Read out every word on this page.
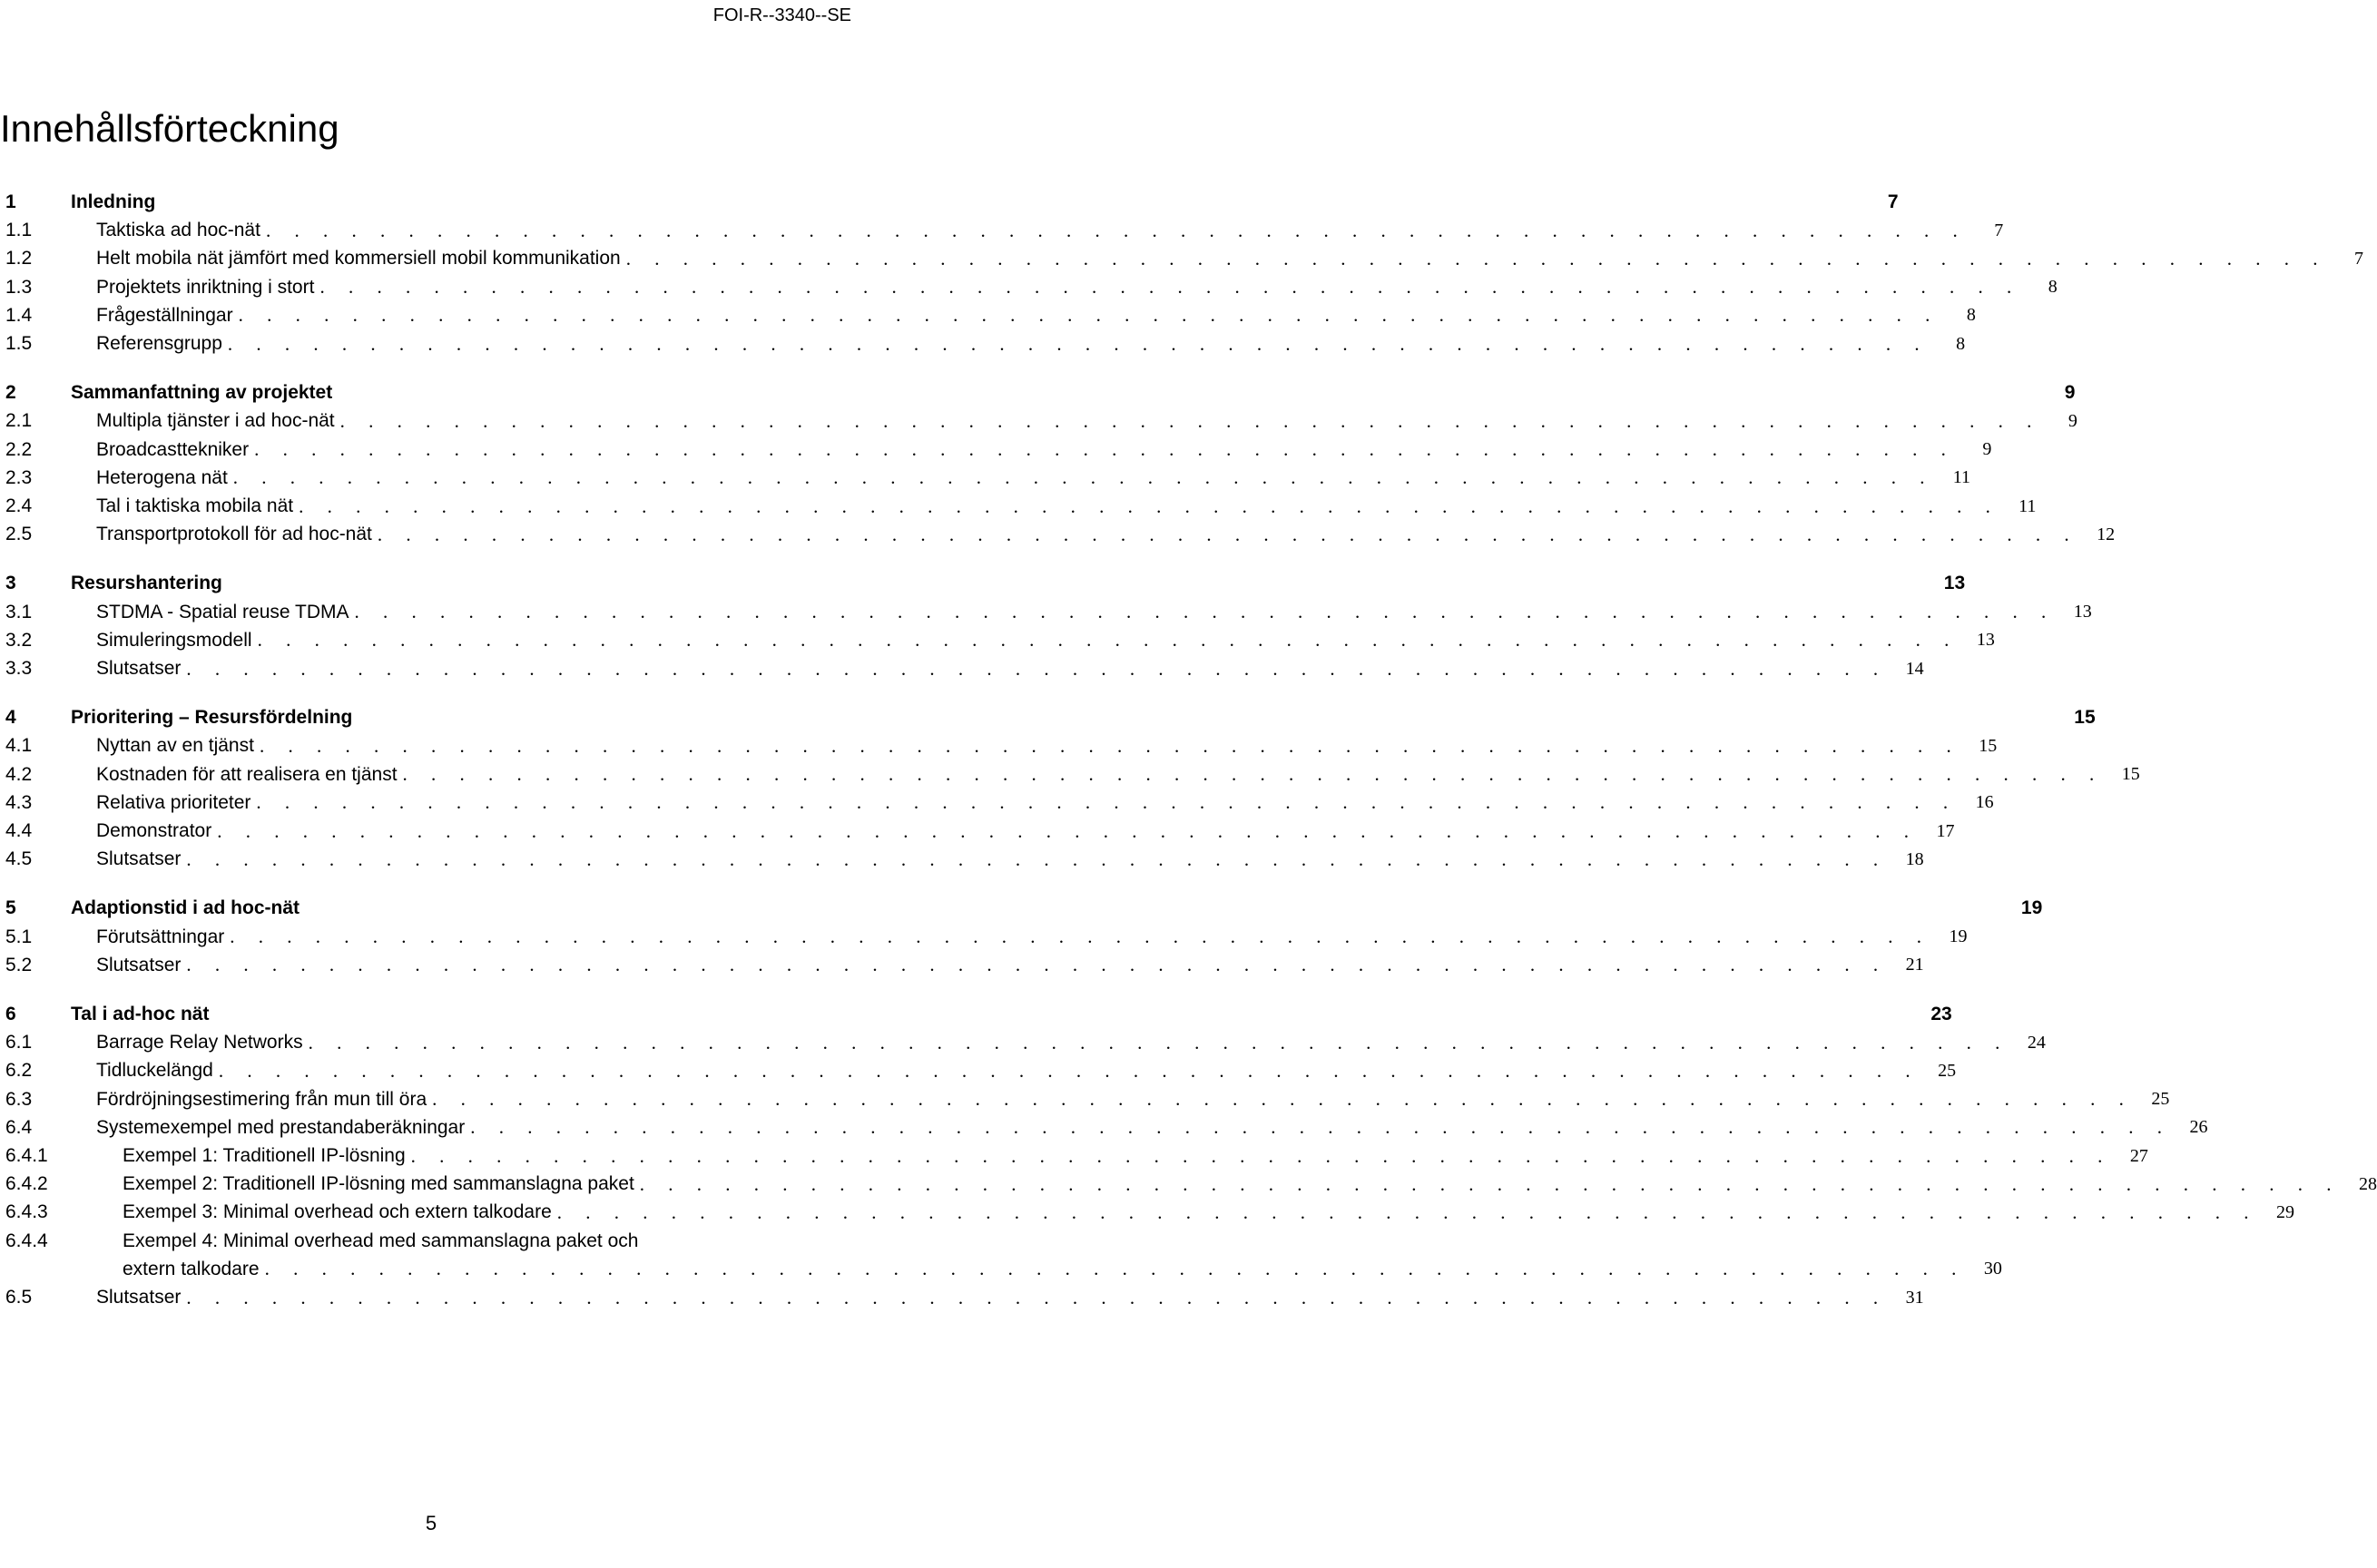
FOI-R--3340--SE
Innehållsförteckning
1	Inledning	7
1.1	Taktiska ad hoc-nät . . . . . . . . . . . . . . . . . . . . . . . . . . . . . . . . . . . . . . . . . . . . . . . . . . . . . . . . . . . .	7
1.2	Helt mobila nät jämfört med kommersiell mobil kommunikation . . . . . . . . . . . . . . . . . . . . . . . . . . . . . . . . . . . . . . . . . . . . . . . . . . . . . . . . . . . .	7
1.3	Projektets inriktning i stort . . . . . . . . . . . . . . . . . . . . . . . . . . . . . . . . . . . . . . . . . . . . . . . . . . . . . . . . . . . .	8
1.4	Frågeställningar . . . . . . . . . . . . . . . . . . . . . . . . . . . . . . . . . . . . . . . . . . . . . . . . . . . . . . . . . . . .	8
1.5	Referensgrupp . . . . . . . . . . . . . . . . . . . . . . . . . . . . . . . . . . . . . . . . . . . . . . . . . . . . . . . . . . . .	8
2	Sammanfattning av projektet	9
2.1	Multipla tjänster i ad hoc-nät . . . . . . . . . . . . . . . . . . . . . . . . . . . . . . . . . . . . . . . . . . . . . . . . . . . . . . . . . . . .	9
2.2	Broadcasttekniker . . . . . . . . . . . . . . . . . . . . . . . . . . . . . . . . . . . . . . . . . . . . . . . . . . . . . . . . . . . .	9
2.3	Heterogena nät . . . . . . . . . . . . . . . . . . . . . . . . . . . . . . . . . . . . . . . . . . . . . . . . . . . . . . . . . . . .	11
2.4	Tal i taktiska mobila nät . . . . . . . . . . . . . . . . . . . . . . . . . . . . . . . . . . . . . . . . . . . . . . . . . . . . . . . . . . . .	11
2.5	Transportprotokoll för ad hoc-nät . . . . . . . . . . . . . . . . . . . . . . . . . . . . . . . . . . . . . . . . . . . . . . . . . . . . . . . . . . . .	12
3	Resurshantering	13
3.1	STDMA - Spatial reuse TDMA . . . . . . . . . . . . . . . . . . . . . . . . . . . . . . . . . . . . . . . . . . . . . . . . . . . . . . . . . . . .	13
3.2	Simuleringsmodell . . . . . . . . . . . . . . . . . . . . . . . . . . . . . . . . . . . . . . . . . . . . . . . . . . . . . . . . . . . .	13
3.3	Slutsatser . . . . . . . . . . . . . . . . . . . . . . . . . . . . . . . . . . . . . . . . . . . . . . . . . . . . . . . . . . . .	14
4	Prioritering – Resursfördelning	15
4.1	Nyttan av en tjänst . . . . . . . . . . . . . . . . . . . . . . . . . . . . . . . . . . . . . . . . . . . . . . . . . . . . . . . . . . . .	15
4.2	Kostnaden för att realisera en tjänst . . . . . . . . . . . . . . . . . . . . . . . . . . . . . . . . . . . . . . . . . . . . . . . . . . . . . . . . . . . .	15
4.3	Relativa prioriteter . . . . . . . . . . . . . . . . . . . . . . . . . . . . . . . . . . . . . . . . . . . . . . . . . . . . . . . . . . . .	16
4.4	Demonstrator . . . . . . . . . . . . . . . . . . . . . . . . . . . . . . . . . . . . . . . . . . . . . . . . . . . . . . . . . . . .	17
4.5	Slutsatser . . . . . . . . . . . . . . . . . . . . . . . . . . . . . . . . . . . . . . . . . . . . . . . . . . . . . . . . . . . .	18
5	Adaptionstid i ad hoc-nät	19
5.1	Förutsättningar . . . . . . . . . . . . . . . . . . . . . . . . . . . . . . . . . . . . . . . . . . . . . . . . . . . . . . . . . . . .	19
5.2	Slutsatser . . . . . . . . . . . . . . . . . . . . . . . . . . . . . . . . . . . . . . . . . . . . . . . . . . . . . . . . . . . .	21
6	Tal i ad-hoc nät	23
6.1	Barrage Relay Networks . . . . . . . . . . . . . . . . . . . . . . . . . . . . . . . . . . . . . . . . . . . . . . . . . . . . . . . . . . . .	24
6.2	Tidluckelängd . . . . . . . . . . . . . . . . . . . . . . . . . . . . . . . . . . . . . . . . . . . . . . . . . . . . . . . . . . . .	25
6.3	Fördröjningsestimering från mun till öra . . . . . . . . . . . . . . . . . . . . . . . . . . . . . . . . . . . . . . . . . . . . . . . . . . . . . . . . . . . .	25
6.4	Systemexempel med prestandaberäkningar . . . . . . . . . . . . . . . . . . . . . . . . . . . . . . . . . . . . . . . . . . . . . . . . . . . . . . . . . . . .	26
6.4.1	Exempel 1: Traditionell IP-lösning . . . . . . . . . . . . . . . . . . . . . . . . . . . . . . . . . . . . . . . . . . . . . . . . . . . . . . . . . . . .	27
6.4.2	Exempel 2: Traditionell IP-lösning med sammanslagna paket . . . . . . . . . . . . . . . . . . . . . . . . . . . . . . . . . . . . . . . . . . . . . . . . . . . . . . . . . . . .	28
6.4.3	Exempel 3: Minimal overhead och extern talkodare . . . . . . . . . . . . . . . . . . . . . . . . . . . . . . . . . . . . . . . . . . . . . . . . . . . . . . . . . . . .	29
6.4.4	Exempel 4: Minimal overhead med sammanslagna paket och
extern talkodare . . . . . . . . . . . . . . . . . . . . . . . . . . . . . . . . . . . . . . . . . . . . . . . . . . . . . . . . . . . .	30
6.5	Slutsatser . . . . . . . . . . . . . . . . . . . . . . . . . . . . . . . . . . . . . . . . . . . . . . . . . . . . . . . . . . . .	31
5
